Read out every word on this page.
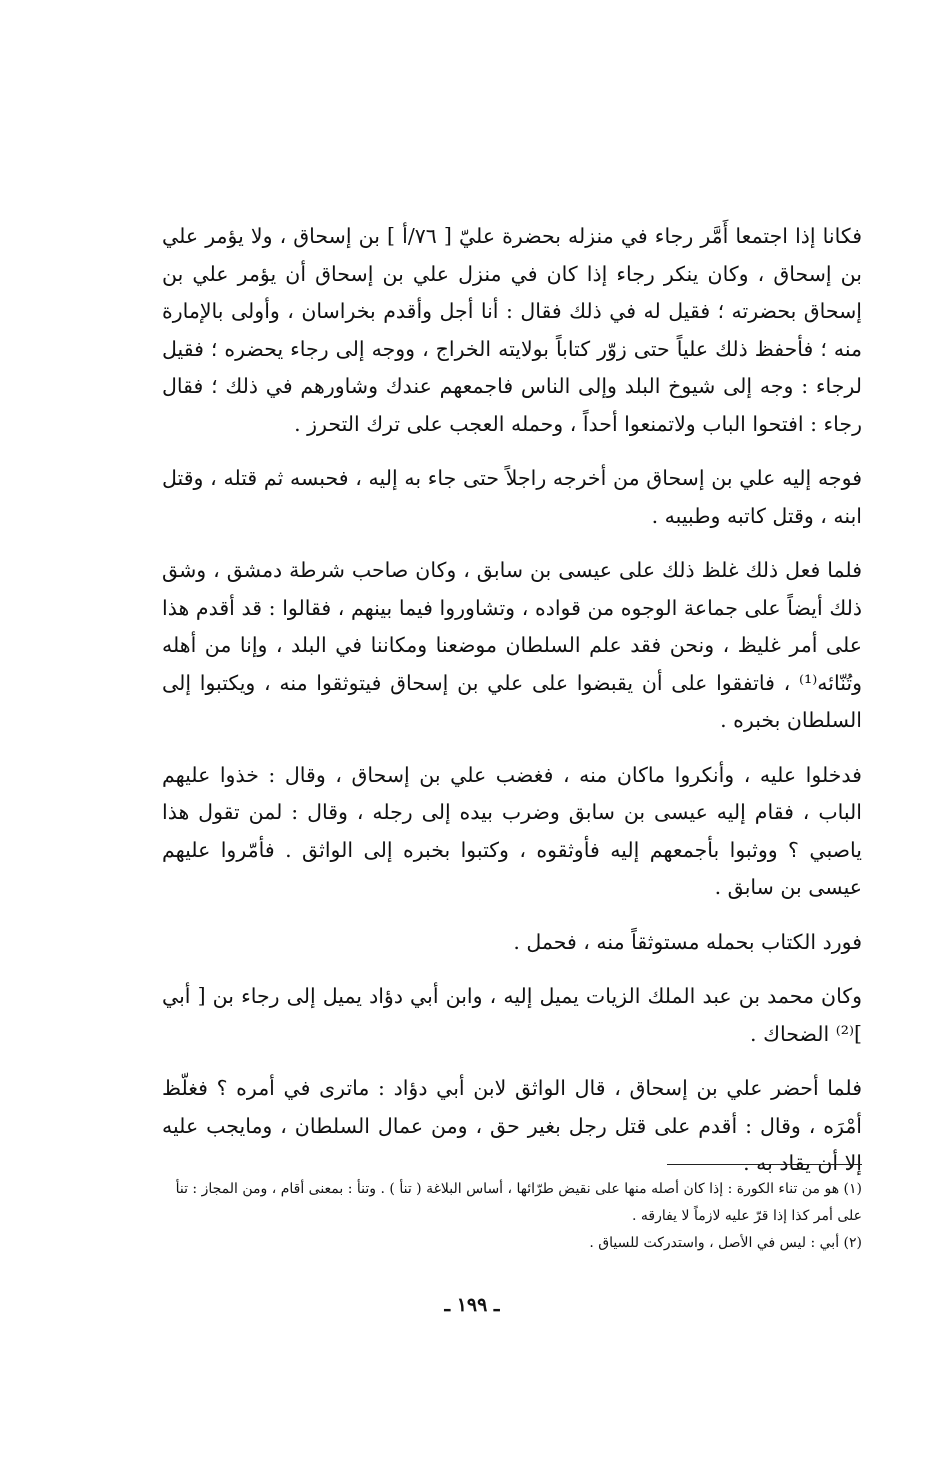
فكانا إذا اجتمعا أَمَّر رجاء في منزله بحضرة عليّ [ ٧٦/أ ] بن إسحاق ، ولا يؤمر علي بن إسحاق ، وكان ينكر رجاء إذا كان في منزل علي بن إسحاق أن يؤمر علي بن إسحاق بحضرته ؛ فقيل له في ذلك فقال : أنا أجل وأقدم بخراسان ، وأولى بالإمارة منه ؛ فأحفظ ذلك علياً حتى زوّر كتاباً بولايته الخراج ، ووجه إلى رجاء يحضره ؛ فقيل لرجاء : وجه إلى شيوخ البلد وإلى الناس فاجمعهم عندك وشاورهم في ذلك ؛ فقال رجاء : افتحوا الباب ولاتمنعوا أحداً ، وحمله العجب على ترك التحرز .

فوجه إليه علي بن إسحاق من أخرجه راجلاً حتى جاء به إليه ، فحبسه ثم قتله ، وقتل ابنه ، وقتل كاتبه وطبيبه .

فلما فعل ذلك غلظ ذلك على عيسى بن سابق ، وكان صاحب شرطة دمشق ، وشق ذلك أيضاً على جماعة الوجوه من قواده ، وتشاوروا فيما بينهم ، فقالوا : قد أقدم هذا على أمر غليظ ، ونحن فقد علم السلطان موضعنا ومكاننا في البلد ، وإنا من أهله وتُنّائه⁽¹⁾ ، فاتفقوا على أن يقبضوا على علي بن إسحاق فيتوثقوا منه ، ويكتبوا إلى السلطان بخبره .

فدخلوا عليه ، وأنكروا ماكان منه ، فغضب علي بن إسحاق ، وقال : خذوا عليهم الباب ، فقام إليه عيسى بن سابق وضرب بيده إلى رجله ، وقال : لمن تقول هذا ياصبي ؟ ووثبوا بأجمعهم إليه فأوثقوه ، وكتبوا بخبره إلى الواثق . فأمّروا عليهم عيسى بن سابق .

فورد الكتاب بحمله مستوثقاً منه ، فحمل .

وكان محمد بن عبد الملك الزيات يميل إليه ، وابن أبي دؤاد يميل إلى رجاء بن [ أبي ]⁽²⁾ الضحاك .

فلما أحضر علي بن إسحاق ، قال الواثق لابن أبي دؤاد : ماترى في أمره ؟ فغلّظ أمْرَه ، وقال : أقدم على قتل رجل بغير حق ، ومن عمال السلطان ، ومايجب عليه إلا أن يقاد به .

(١) هو من تناء الكورة : إذا كان أصله منها على نقيض طرّائها ، أساس البلاغة ( تنأ ) . وتنأ : بمعنى أقام ، ومن المجاز : تنأ على أمر كذا إذا قرّ عليه لازماً لا يفارقه .

(٢) أبي : ليس في الأصل ، واستدركت للسياق .

ـ ١٩٩ ـ
